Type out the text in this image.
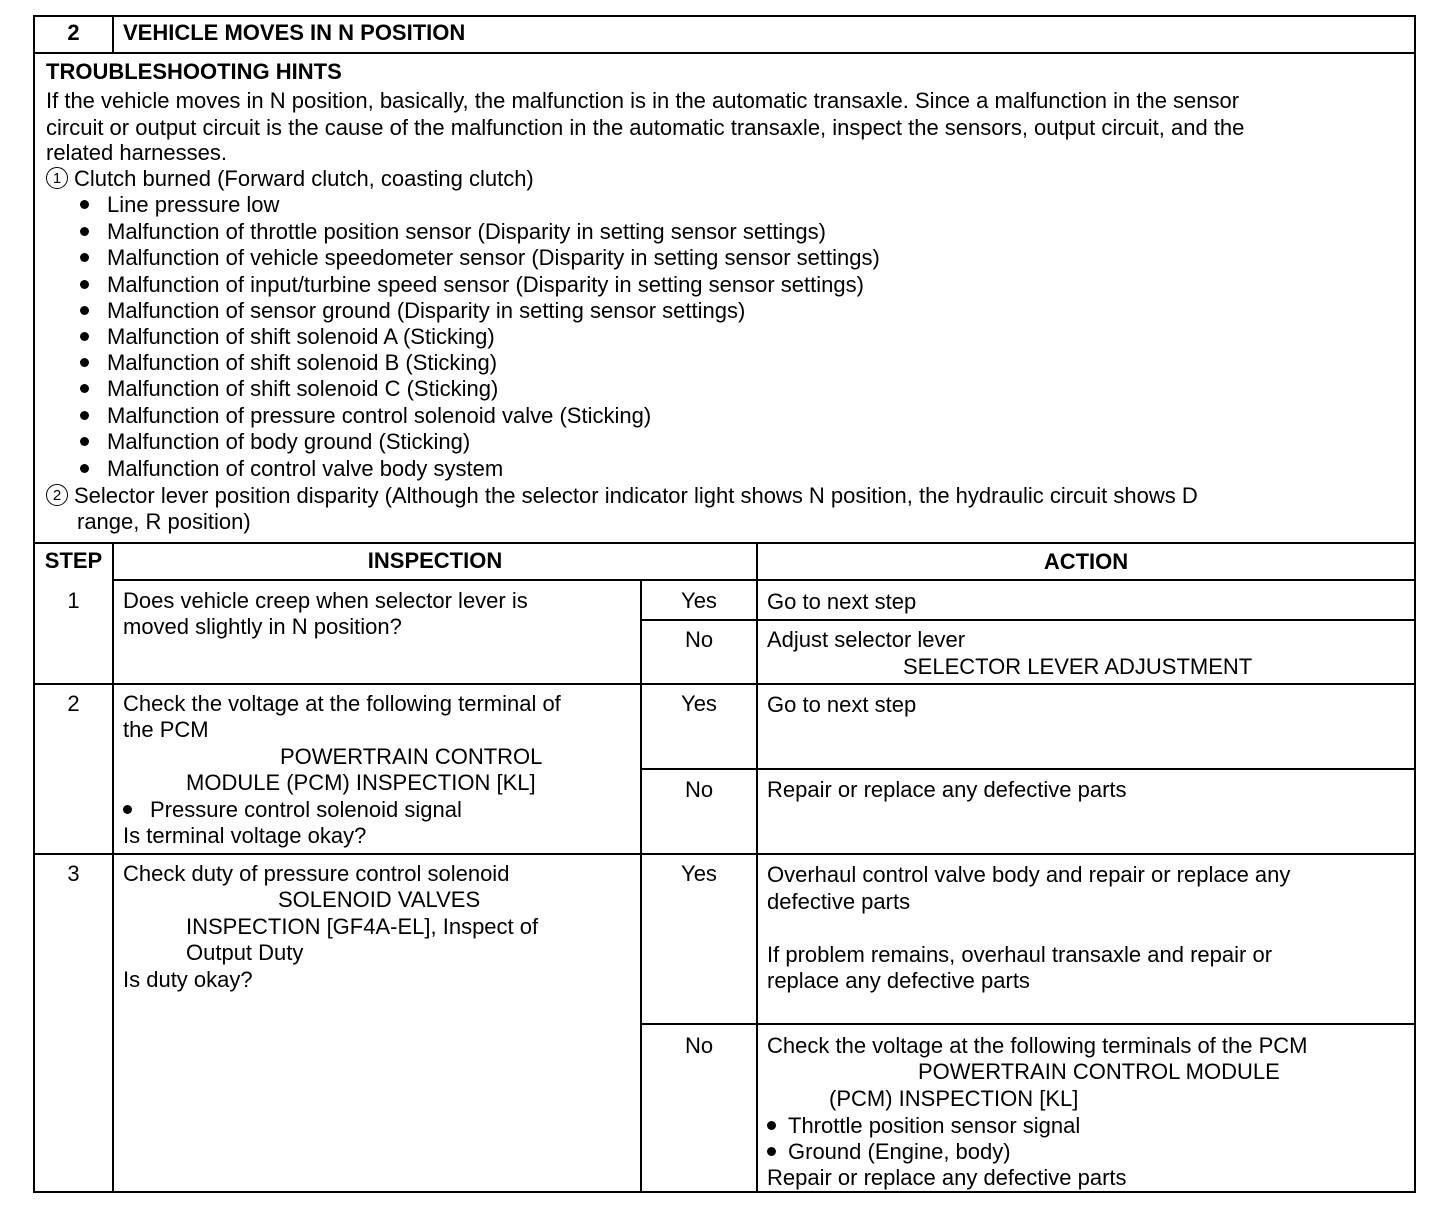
2	VEHICLE MOVES IN N POSITION
TROUBLESHOOTING HINTS
If the vehicle moves in N position, basically, the malfunction is in the automatic transaxle. Since a malfunction in the sensor
circuit or output circuit is the cause of the malfunction in the automatic transaxle, inspect the sensors, output circuit, and the
related harnesses.
1 Clutch burned (Forward clutch, coasting clutch)
Line pressure low
Malfunction of throttle position sensor (Disparity in setting sensor settings)
Malfunction of vehicle speedometer sensor (Disparity in setting sensor settings)
Malfunction of input/turbine speed sensor (Disparity in setting sensor settings)
Malfunction of sensor ground (Disparity in setting sensor settings)
Malfunction of shift solenoid A (Sticking)
Malfunction of shift solenoid B (Sticking)
Malfunction of shift solenoid C (Sticking)
Malfunction of pressure control solenoid valve (Sticking)
Malfunction of body ground (Sticking)
Malfunction of control valve body system
2 Selector lever position disparity (Although the selector indicator light shows N position, the hydraulic circuit shows D
range, R position)
STEP	INSPECTION	ACTION
1	Does vehicle creep when selector lever is
moved slightly in N position?
Yes	Go to next step
No	Adjust selector lever
SELECTOR LEVER ADJUSTMENT
2	Check the voltage at the following terminal of
the PCM
POWERTRAIN CONTROL
MODULE (PCM) INSPECTION [KL]
Pressure control solenoid signal
Is terminal voltage okay?
Yes	Go to next step
No	Repair or replace any defective parts
3	Check duty of pressure control solenoid
SOLENOID VALVES
INSPECTION [GF4A-EL], Inspect of
Output Duty
Is duty okay?
Yes	Overhaul control valve body and repair or replace any
defective parts
If problem remains, overhaul transaxle and repair or
replace any defective parts
No	Check the voltage at the following terminals of the PCM
POWERTRAIN CONTROL MODULE
(PCM) INSPECTION [KL]
Throttle position sensor signal
Ground (Engine, body)
Repair or replace any defective parts
